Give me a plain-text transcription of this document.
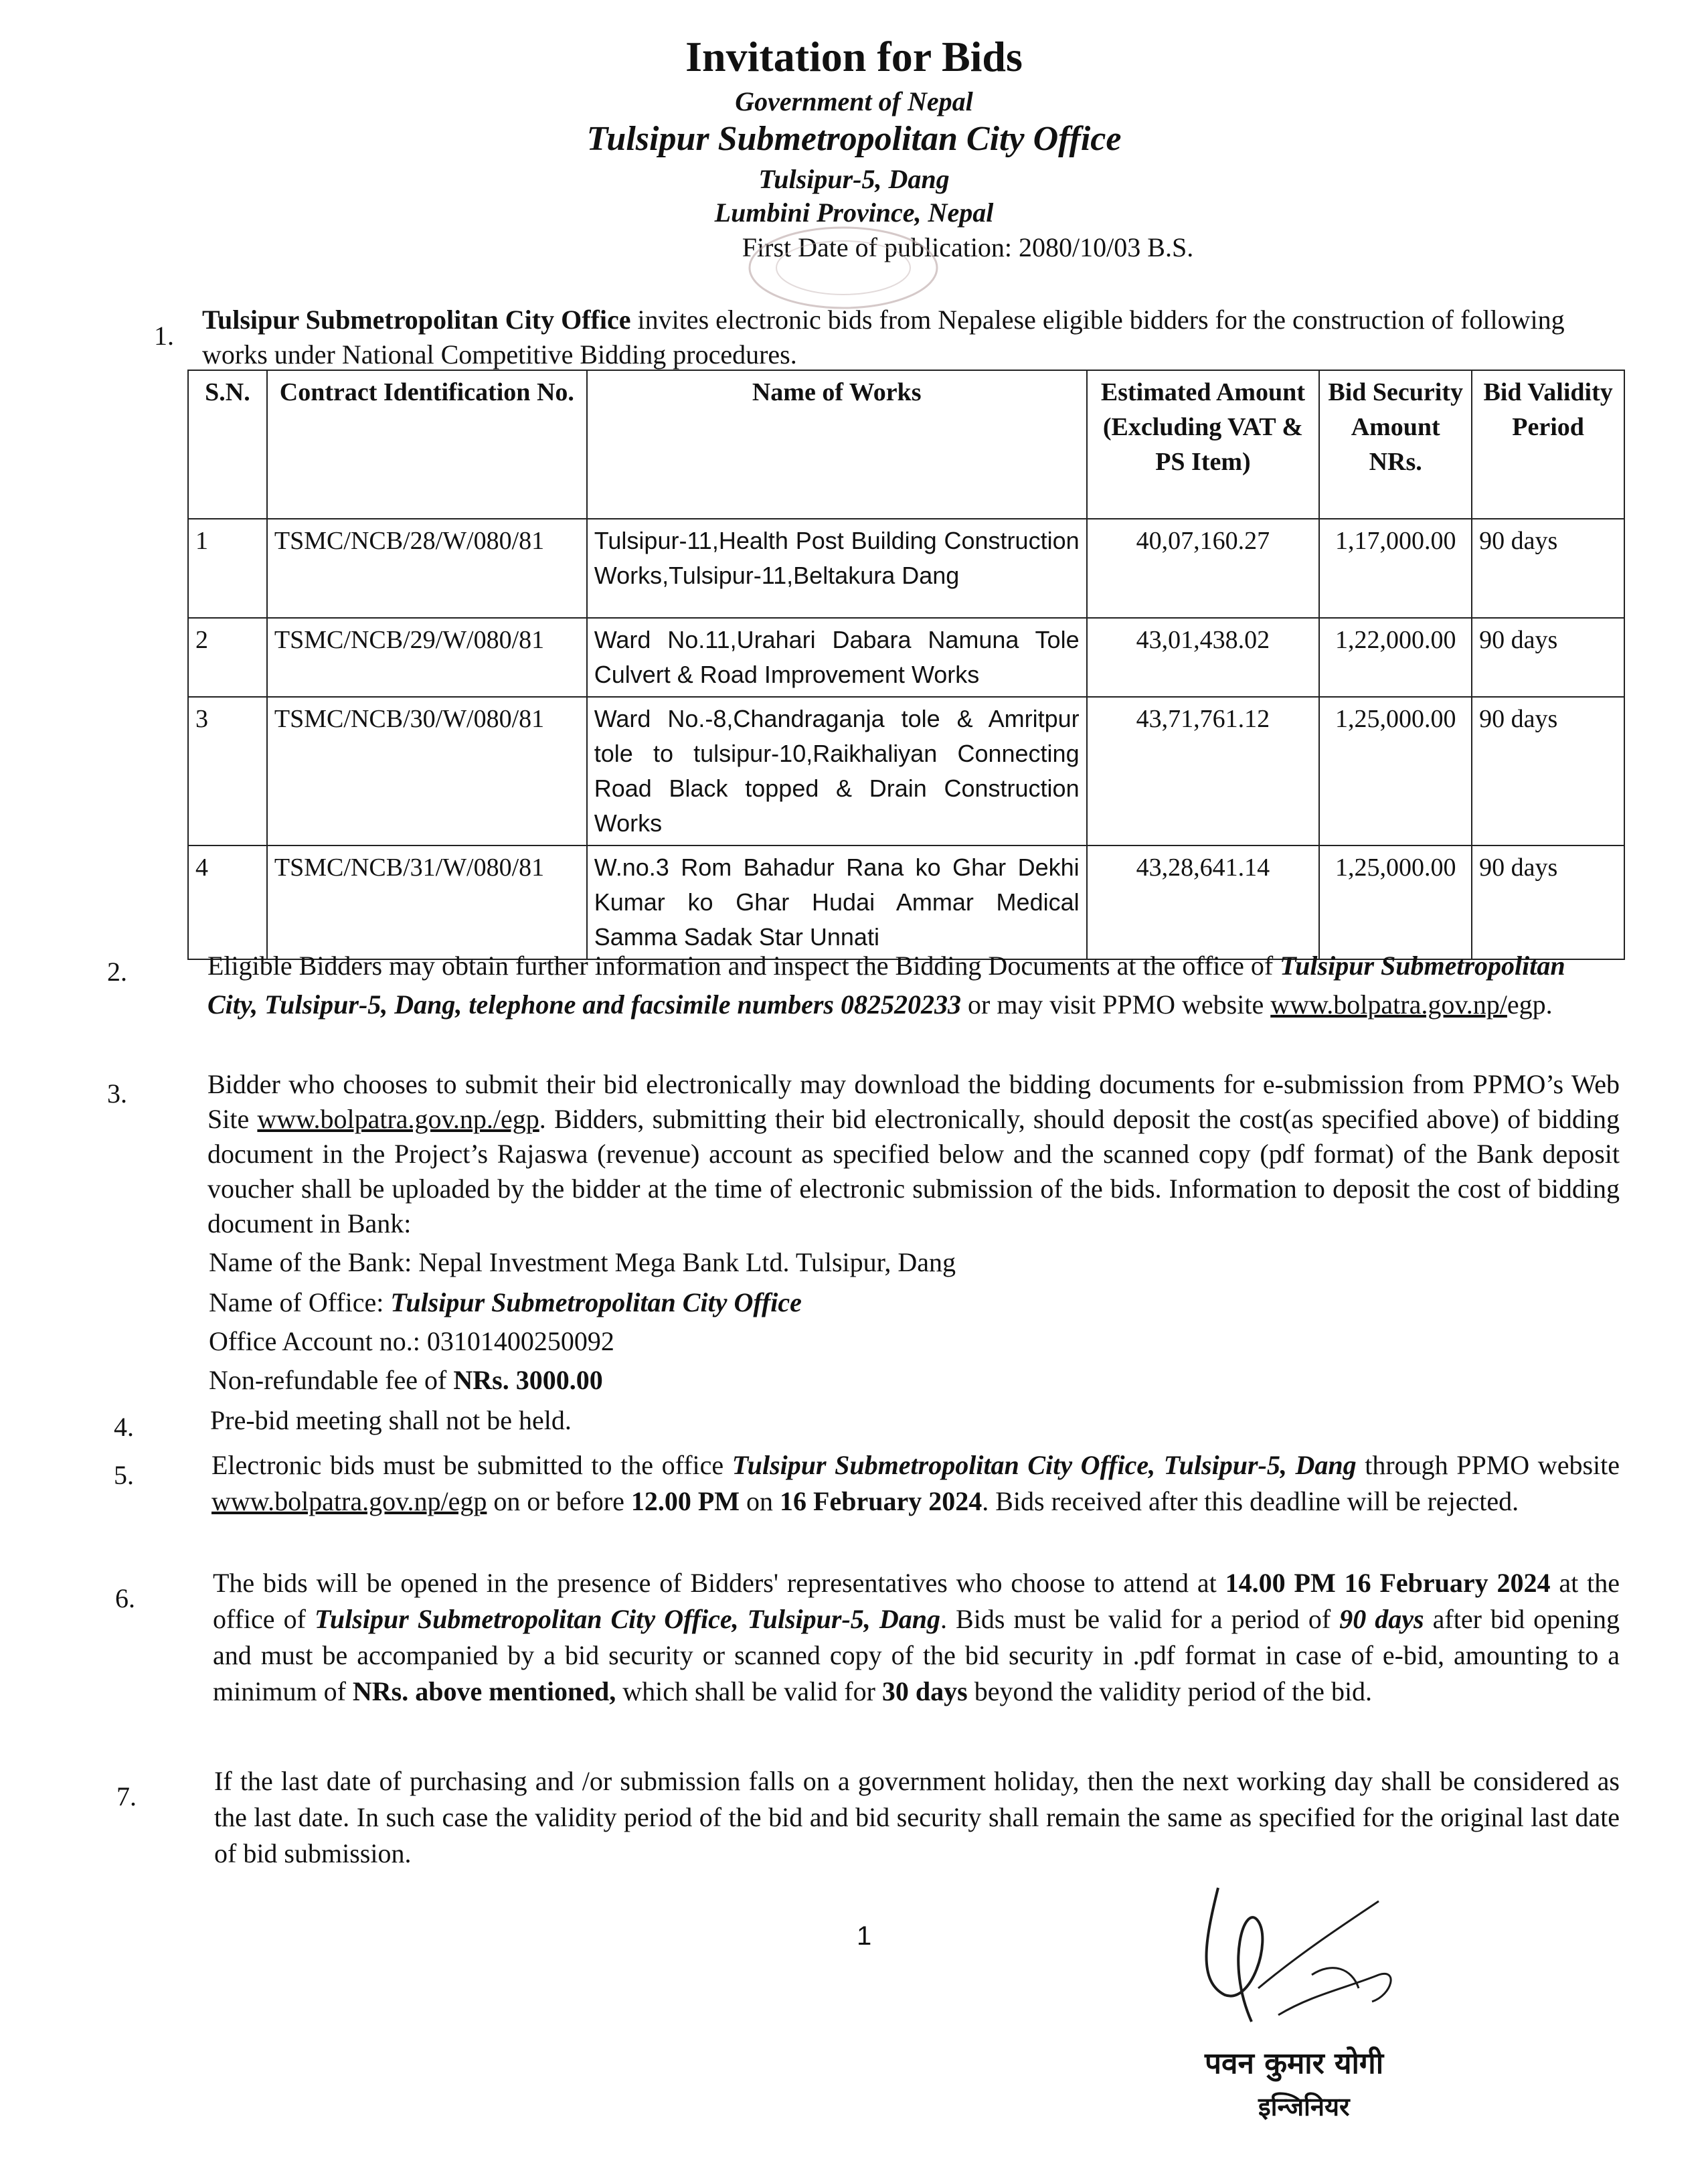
Invitation for Bids
Government of Nepal
Tulsipur Submetropolitan City Office
Tulsipur-5, Dang
Lumbini Province, Nepal
First Date of publication: 2080/10/03 B.S.
1.
Tulsipur Submetropolitan City Office invites electronic bids from Nepalese eligible bidders for the construction of following works under National Competitive Bidding procedures.
S.N.	Contract Identification No.	Name of Works	Estimated Amount (Excluding VAT & PS Item)	Bid Security Amount NRs.	Bid Validity Period
1	TSMC/NCB/28/W/080/81	Tulsipur-11,Health Post Building Construction Works,Tulsipur-11,Beltakura Dang	40,07,160.27	1,17,000.00	90 days
2	TSMC/NCB/29/W/080/81	Ward No.11,Urahari Dabara Namuna Tole Culvert & Road Improvement Works	43,01,438.02	1,22,000.00	90 days
3	TSMC/NCB/30/W/080/81	Ward No.-8,Chandraganja tole & Amritpur tole to tulsipur-10,Raikhaliyan Connecting Road Black topped & Drain Construction Works	43,71,761.12	1,25,000.00	90 days
4	TSMC/NCB/31/W/080/81	W.no.3 Rom Bahadur Rana ko Ghar Dekhi Kumar ko Ghar Hudai Ammar Medical Samma Sadak Star Unnati	43,28,641.14	1,25,000.00	90 days
2.	Eligible Bidders may obtain further information and inspect the Bidding Documents at the office of Tulsipur Submetropolitan City, Tulsipur-5, Dang, telephone and facsimile numbers 082520233 or may visit PPMO website www.bolpatra.gov.np/egp.
3.	Bidder who chooses to submit their bid electronically may download the bidding documents for e-submission from PPMO’s Web Site www.bolpatra.gov.np./egp. Bidders, submitting their bid electronically, should deposit the cost(as specified above) of bidding document in the Project’s Rajaswa (revenue) account as specified below and the scanned copy (pdf format) of the Bank deposit voucher shall be uploaded by the bidder at the time of electronic submission of the bids. Information to deposit the cost of bidding document in Bank:
Name of the Bank: Nepal Investment Mega Bank Ltd. Tulsipur, Dang
Name of Office: Tulsipur Submetropolitan City Office
Office Account no.: 03101400250092
Non-refundable fee of NRs. 3000.00
4.	Pre-bid meeting shall not be held.
5.	Electronic bids must be submitted to the office Tulsipur Submetropolitan City Office, Tulsipur-5, Dang through PPMO website www.bolpatra.gov.np/egp on or before 12.00 PM on 16 February 2024. Bids received after this deadline will be rejected.
6.
The bids will be opened in the presence of Bidders' representatives who choose to attend at 14.00 PM 16 February 2024 at the office of Tulsipur Submetropolitan City Office, Tulsipur-5, Dang. Bids must be valid for a period of 90 days after bid opening and must be accompanied by a bid security or scanned copy of the bid security in .pdf format in case of e-bid, amounting to a minimum of NRs. above mentioned, which shall be valid for 30 days beyond the validity period of the bid.
7.
If the last date of purchasing and /or submission falls on a government holiday, then the next working day shall be considered as the last date. In such case the validity period of the bid and bid security shall remain the same as specified for the original last date of bid submission.
1
पवन कुमार योगी
इन्जिनियर
